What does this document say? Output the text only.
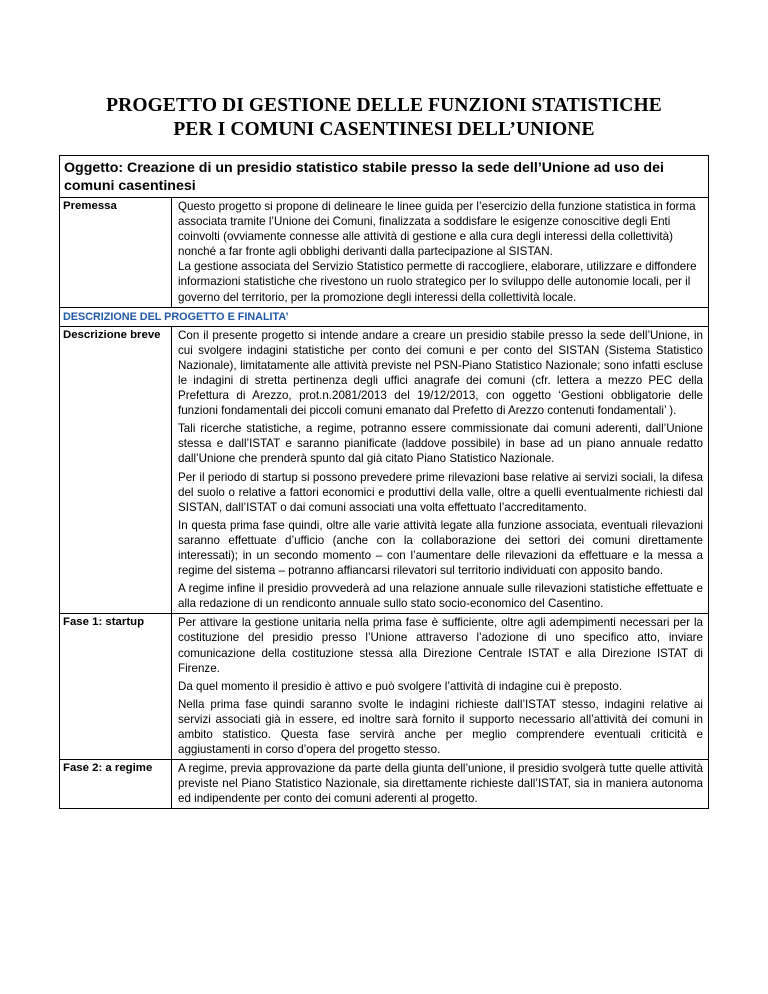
PROGETTO DI GESTIONE DELLE FUNZIONI STATISTICHE
PER I COMUNI CASENTINESI DELL’UNIONE
Oggetto: Creazione di un presidio statistico stabile presso la sede dell’Unione ad uso dei comuni casentinesi
Premessa	Questo progetto si propone di delineare le linee guida per l’esercizio della funzione statistica in forma associata tramite l’Unione dei Comuni, finalizzata a soddisfare le esigenze conoscitive degli Enti coinvolti (ovviamente connesse alle attività di gestione e alla cura degli interessi della collettività) nonché a far fronte agli obblighi derivanti dalla partecipazione al SISTAN.

La gestione associata del Servizio Statistico permette di raccogliere, elaborare, utilizzare e diffondere informazioni statistiche che rivestono un ruolo strategico per lo sviluppo delle autonomie locali, per il governo del territorio, per la promozione degli interessi della collettività locale.

DESCRIZIONE DEL PROGETTO E FINALITA’
Descrizione breve	Con il presente progetto si intende andare a creare un presidio stabile presso la sede dell’Unione, in cui svolgere indagini statistiche per conto dei comuni e per conto del SISTAN (Sistema Statistico Nazionale), limitatamente alle attività previste nel PSN-Piano Statistico Nazionale; sono infatti escluse le indagini di stretta pertinenza degli uffici anagrafe dei comuni (cfr. lettera a mezzo PEC della Prefettura di Arezzo, prot.n.2081/2013 del 19/12/2013, con oggetto ‘Gestioni obbligatorie delle funzioni fondamentali dei piccoli comuni emanato dal Prefetto di Arezzo contenuti fondamentali’ ).

Tali ricerche statistiche, a regime, potranno essere commissionate dai comuni aderenti, dall’Unione stessa e dall’ISTAT e saranno pianificate (laddove possibile) in base ad un piano annuale redatto dall’Unione che prenderà spunto dal già citato Piano Statistico Nazionale.

Per il periodo di startup si possono prevedere prime rilevazioni base relative ai servizi sociali, la difesa del suolo o relative a fattori economici e produttivi della valle, oltre a quelli eventualmente richiesti dal SISTAN, dall’ISTAT o dai comuni associati una volta effettuato l’accreditamento.

In questa prima fase quindi, oltre alle varie attività legate alla funzione associata, eventuali rilevazioni saranno effettuate d’ufficio (anche con la collaborazione dei settori dei comuni direttamente interessati); in un secondo momento – con l’aumentare delle rilevazioni da effettuare e la messa a regime del sistema – potranno affiancarsi rilevatori sul territorio individuati con apposito bando.

A regime infine il presidio provvederà ad una relazione annuale sulle rilevazioni statistiche effettuate e alla redazione di un rendiconto annuale sullo stato socio-economico del Casentino.

Fase 1: startup	Per attivare la gestione unitaria nella prima fase è sufficiente, oltre agli adempimenti necessari per la costituzione del presidio presso l’Unione attraverso l’adozione di uno specifico atto, inviare comunicazione della costituzione stessa alla Direzione Centrale ISTAT e alla Direzione ISTAT di Firenze.

Da quel momento il presidio è attivo e può svolgere l’attività di indagine cui è preposto.

Nella prima fase quindi saranno svolte le indagini richieste dall’ISTAT stesso, indagini relative ai servizi associati già in essere, ed inoltre sarà fornito il supporto necessario all’attività dei comuni in ambito statistico. Questa fase servirà anche per meglio comprendere eventuali criticità e aggiustamenti in corso d’opera del progetto stesso.

Fase 2: a regime	A regime, previa approvazione da parte della giunta dell’unione, il presidio svolgerà tutte quelle attività previste nel Piano Statistico Nazionale, sia direttamente richieste dall’ISTAT, sia in maniera autonoma ed indipendente per conto dei comuni aderenti al progetto.
